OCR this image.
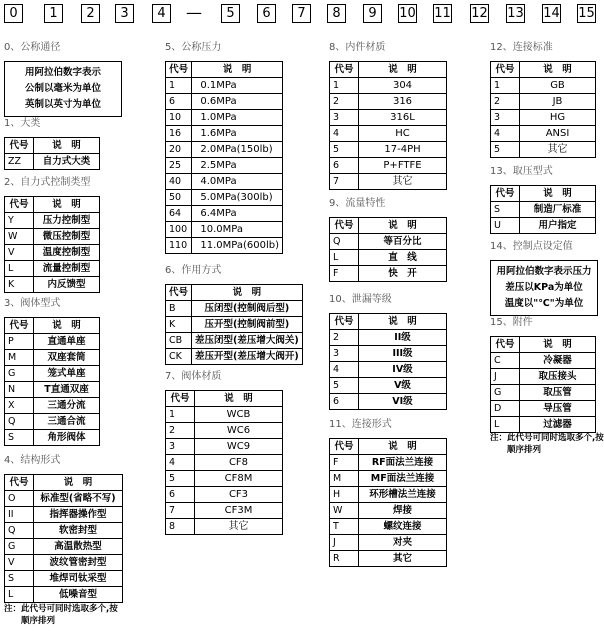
0	1	2	3	4	—	5	6	7	8	9	10 11 12 13 14 15
0、公称通径
用阿拉伯数字表示
公制以毫米为单位
英制以英寸为单位
1、大类
代号	说　明
ZZ	自力式大类
2、自力式控制类型
代号	说　明
Y	压力控制型
W	微压控制型
V	温度控制型
L	流量控制型
K	内反馈型
3、阀体型式
代号	说　明
P	直通单座
M	双座套筒
G	笼式单座
N	T直通双座
X	三通分流
Q	三通合流
S	角形阀体
4、结构形式
代号	说　明
O	标准型(省略不写)
II	指挥器操作型
Q	软密封型
G	高温散热型
V	波纹管密封型
S	堆焊司钛采型
L	低噪音型
注：此代号可同时选取多个,按
　　顺序排列
5、公称压力
代号	说　明
1	0.1MPa
6	0.6MPa
10	1.0MPa
16	1.6MPa
20	2.0MPa(150lb)
25	2.5MPa
40	4.0MPa
50	5.0MPa(300lb)
64	6.4MPa
100	10.0MPa
110	11.0MPa(600lb)
6、作用方式
代号	说　明
B	压闭型(控制阀后型)
K	压开型(控制阀前型)
CB	差压闭型(差压增大阀关)
CK	差压开型(差压增大阀开)
7、阀体材质
代号	说　明
1	WCB
2	WC6
3	WC9
4	CF8
5	CF8M
6	CF3
7	CF3M
8	其它
8、内件材质
代号	说　明
1	304
2	316
3	316L
4	HC
5	17-4PH
6	P+FTFE
7	其它
9、流量特性
代号	说　明
Q	等百分比
L	直　线
F	快　开
10、泄漏等级
代号	说　明
2	II级
3	III级
4	IV级
5	V级
6	VI级
11、连接形式
代号	说　明
F	RF面法兰连接
M	MF面法兰连接
H	环形槽法兰连接
W	焊接
T	螺纹连接
J	对夹
R	其它
12、连接标准
代号	说　明
1	GB
2	JB
3	HG
4	ANSI
5	其它
13、取压型式
代号	说　明
S	制造厂标准
U	用户指定
14、控制点设定值
用阿拉伯数字表示压力
差压以KPa为单位
温度以"℃"为单位
15、附件
代号	说　明
C	冷凝器
J	取压接头
G	取压管
D	导压管
L	过滤器
注：此代号可同时选取多个,按
　　顺序排列
